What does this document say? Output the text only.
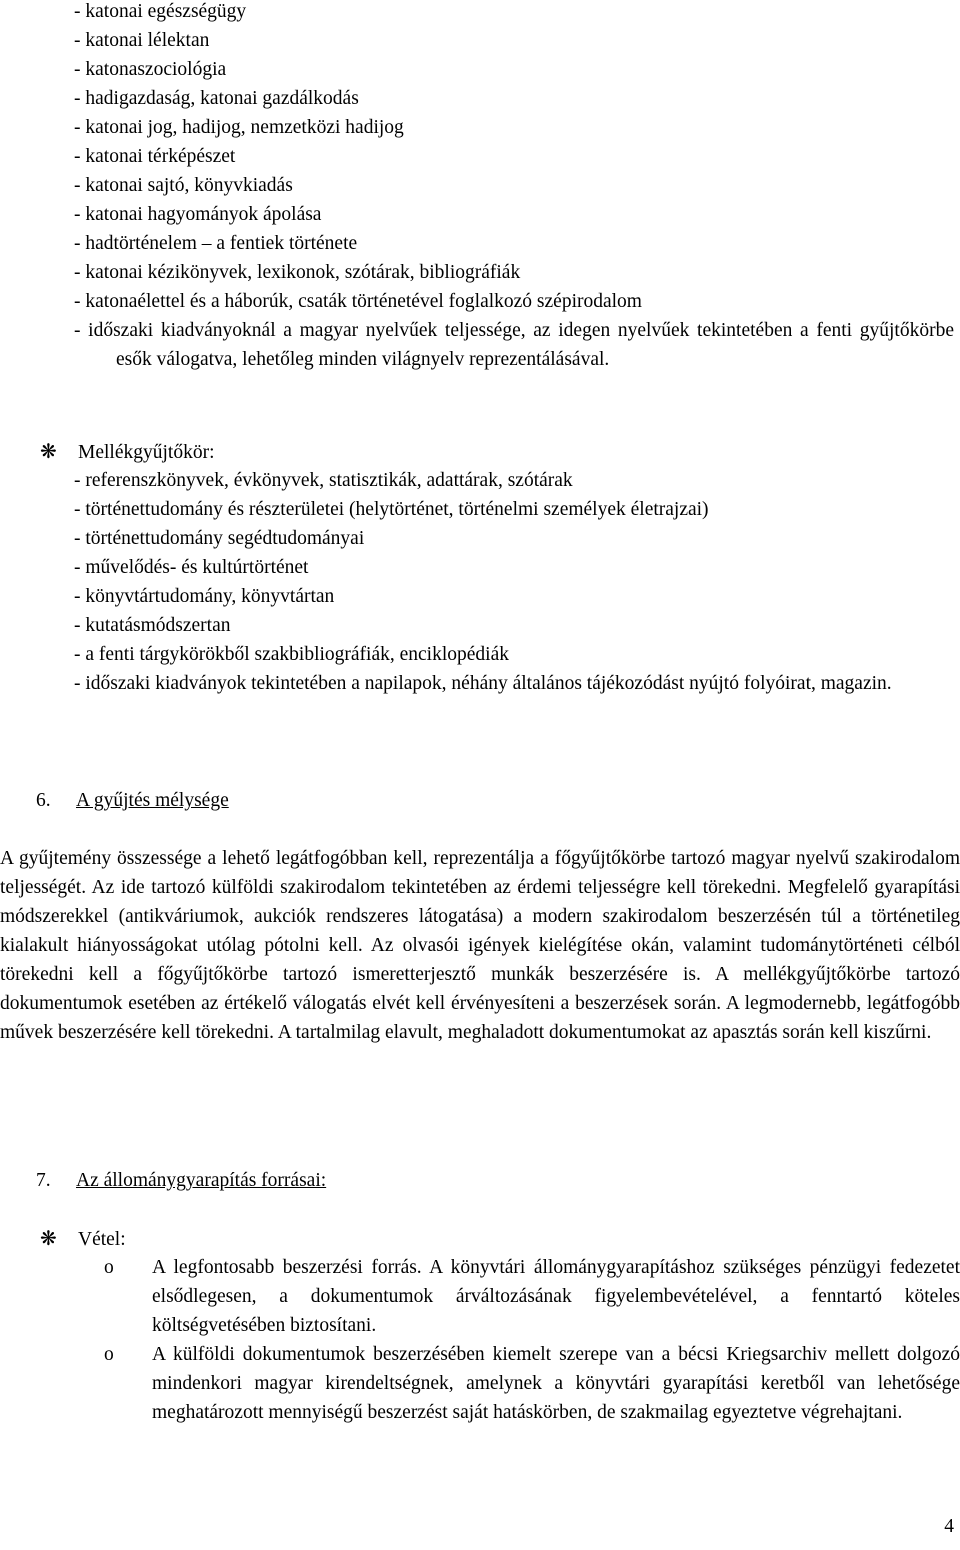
- katonai egészségügy
- katonai lélektan
- katonaszociológia
- hadigazdaság, katonai gazdálkodás
- katonai jog, hadijog, nemzetközi hadijog
- katonai térképészet
- katonai sajtó, könyvkiadás
- katonai hagyományok ápolása
- hadtörténelem – a fentiek története
- katonai kézikönyvek, lexikonok, szótárak, bibliográfiák
- katonaélettel és a háborúk, csaták történetével foglalkozó szépirodalom
- időszaki kiadványoknál a magyar nyelvűek teljessége, az idegen nyelvűek tekintetében a fenti gyűjtőkörbe esők válogatva, lehetőleg minden világnyelv reprezentálásával.
❋ Mellékgyűjtőkör:
- referenszkönyvek, évkönyvek, statisztikák, adattárak, szótárak
- történettudomány és részterületei (helytörténet, történelmi személyek életrajzai)
- történettudomány segédtudományai
- művelődés- és kultúrtörténet
- könyvtártudomány, könyvtártan
- kutatásmódszertan
- a fenti tárgykörökből szakbibliográfiák, enciklopédiák
- időszaki kiadványok tekintetében a napilapok, néhány általános tájékozódást nyújtó folyóirat, magazin.
6. A gyűjtés mélysége
A gyűjtemény összessége a lehető legátfogóbban kell, reprezentálja a főgyűjtőkörbe tartozó magyar nyelvű szakirodalom teljességét. Az ide tartozó külföldi szakirodalom tekintetében az érdemi teljességre kell törekedni. Megfelelő gyarapítási módszerekkel (antikváriumok, aukciók rendszeres látogatása) a modern szakirodalom beszerzésén túl a történetileg kialakult hiányosságokat utólag pótolni kell. Az olvasói igények kielégítése okán, valamint tudománytörténeti célból törekedni kell a főgyűjtőkörbe tartozó ismeretterjesztő munkák beszerzésére is. A mellékgyűjtőkörbe tartozó dokumentumok esetében az értékelő válogatás elvét kell érvényesíteni a beszerzések során. A legmodernebb, legátfogóbb művek beszerzésére kell törekedni. A tartalmilag elavult, meghaladott dokumentumokat az apasztás során kell kiszűrni.
7. Az állománygyarapítás forrásai:
❋ Vétel:
o A legfontosabb beszerzési forrás. A könyvtári állománygyarapításhoz szükséges pénzügyi fedezetet elsődlegesen, a dokumentumok árváltozásának figyelembevételével, a fenntartó köteles költségvetésében biztosítani.
o A külföldi dokumentumok beszerzésében kiemelt szerepe van a bécsi Kriegsarchiv mellett dolgozó mindenkori magyar kirendeltségnek, amelynek a könyvtári gyarapítási keretből van lehetősége meghatározott mennyiségű beszerzést saját hatáskörben, de szakmailag egyeztetve végrehajtani.
4
